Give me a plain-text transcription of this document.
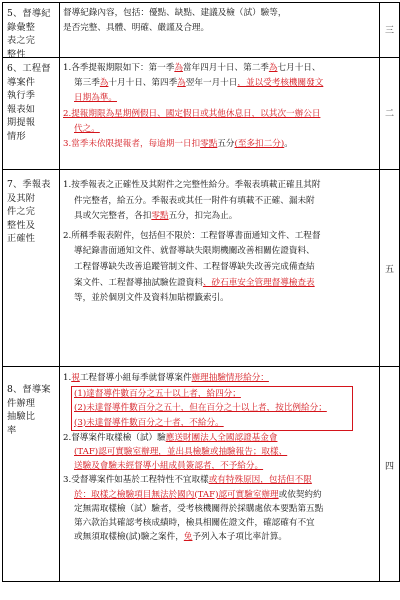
5、督導紀
錄彙整
表之完
整性
督導紀錄內容，包括：優點、缺點、建議及檢（試）驗等，
是否完整、具體、明確、嚴謹及合理。	三
6、工程督
導案件
執行季
報表如
期提報
情形
1.各季提報期限如下：第一季為當年四月十日、第二季為七月十日、
第三季為十月十日、第四季為翌年一月十日，並以受考核機關發文
日期為準。
2.提報期限為星期例假日、國定假日或其他休息日，以其次一辦公日
代之。
3.當季未依限提報者，每逾期一日扣零點五分(至多扣二分)。
二
7、季報表
及其附
件之完
整性及
正確性
1.按季報表之正確性及其附件之完整性給分。季報表填載正確且其附
件完整者，給五分。季報表或其任一附件有填載不正確、漏未附
具或欠完整者，各扣零點五分，扣完為止。
2.所稱季報表附件，包括但不限於：工程督導書面通知文件、工程督
導紀錄書面通知文件、就督導缺失限期機關改善相關佐證資料、
工程督導缺失改善追蹤管制文件、工程督導缺失改善完成備查結
案文件、工程督導抽試驗佐證資料、砂石車安全管理督導檢查表
等，並於個別文件及資料加貼標籤索引。
五
8、督導案
件辦理
抽驗比
率
1.視工程督導小組每季就督導案件辦理抽驗情形給分：
(1)達督導件數百分之五十以上者，給四分；
(2)未達督導件數百分之五十，但在百分之十以上者，按比例給分；
(3)未達督導件數百分之十者，不給分。
2.督導案件取樣檢（試）驗應送財團法人全國認證基金會
(TAF)認可實驗室辦理，並出具檢驗或抽驗報告；取樣、
送驗及會驗未經督導小組成員簽認者，不予給分。
3.受督導案件如基於工程特性不宜取樣或有特殊原因，包括但不限
於：取樣之檢驗項目無法於國內(TAF)認可實驗室辦理或依契約約
定無需取樣檢（試）驗者，受考核機關得於採購處依本要點第五點
第六款治其確認考核成績時，檢具相關佐證文件，確認確有不宜
或無須取樣檢(試)驗之案件，免予列入本子項比率計算。
四
